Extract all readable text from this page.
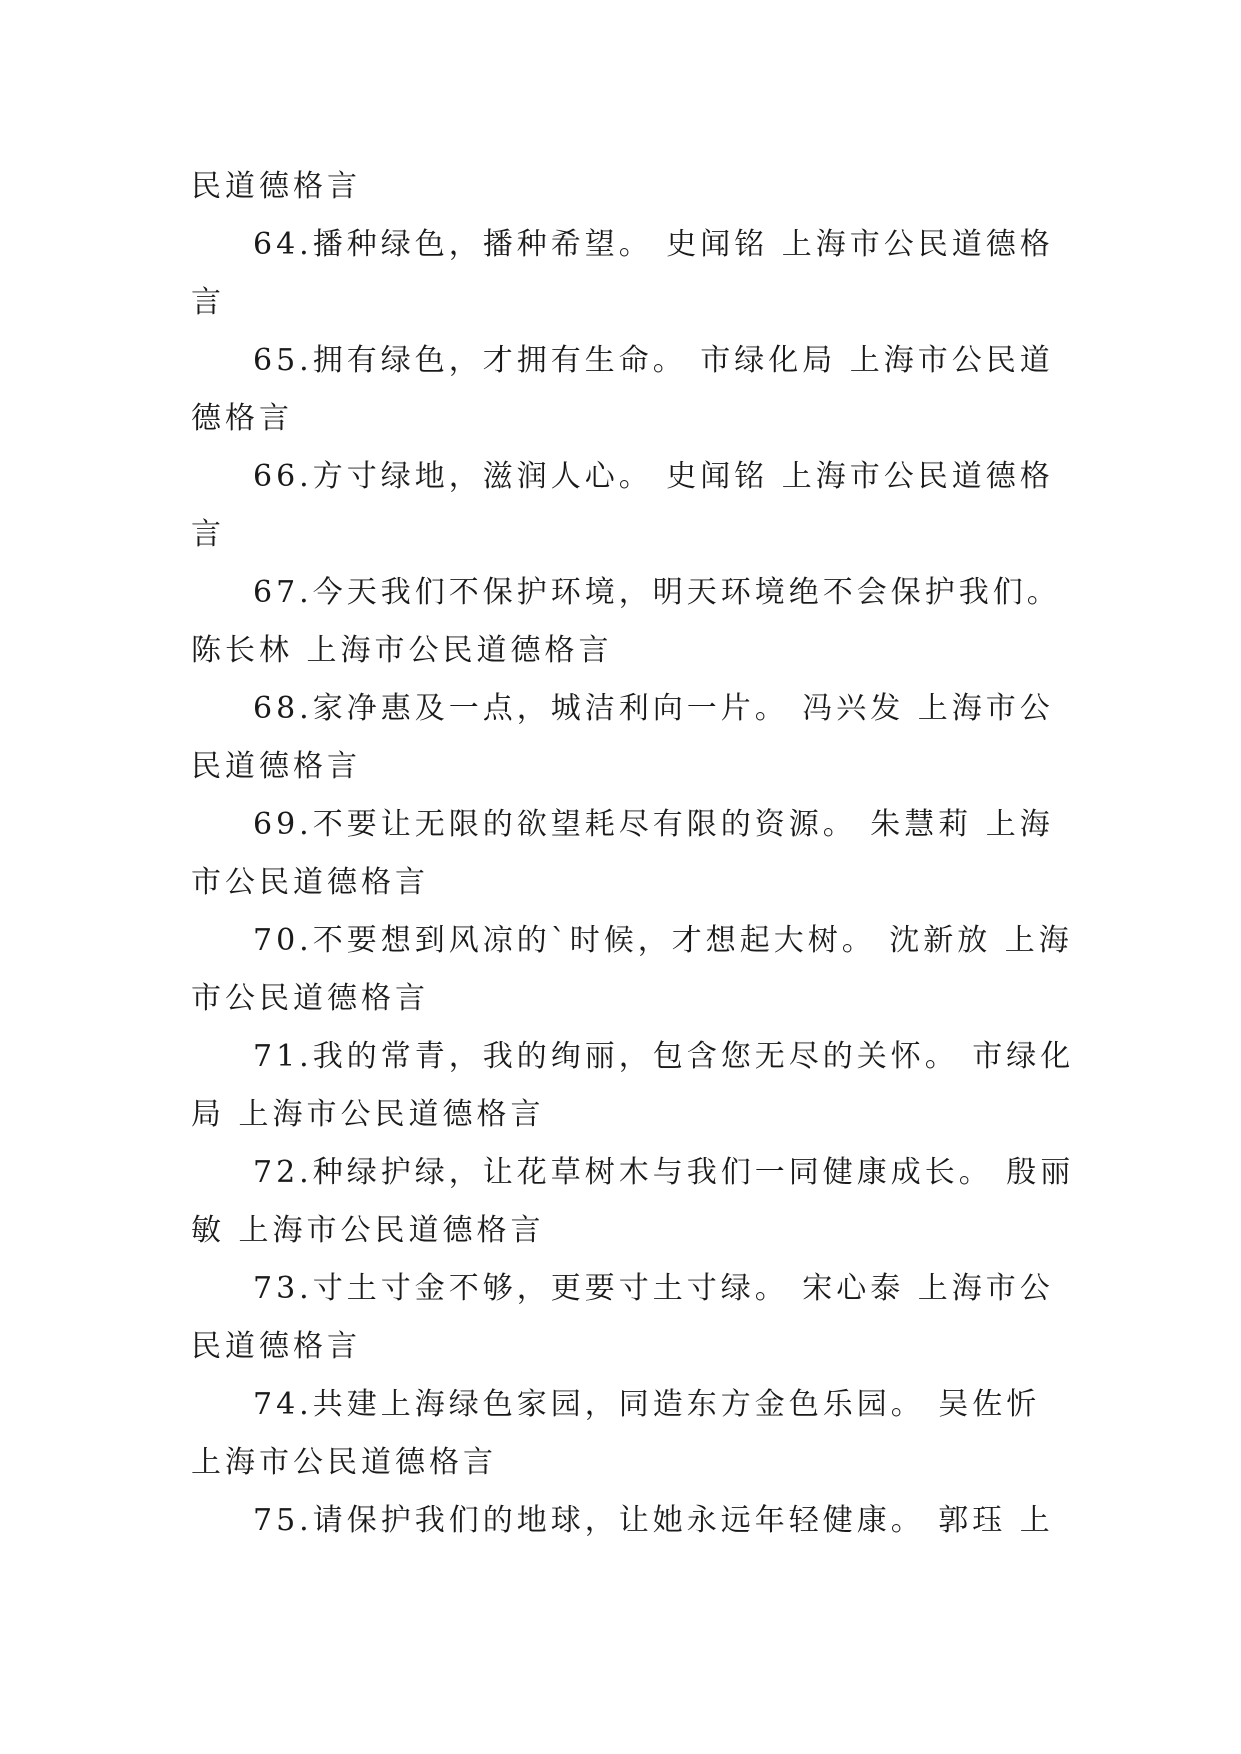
民道德格言
64.播种绿色，播种希望。 史闻铭 上海市公民道德格
言
65.拥有绿色，才拥有生命。 市绿化局 上海市公民道
德格言
66.方寸绿地，滋润人心。 史闻铭 上海市公民道德格
言
67.今天我们不保护环境，明天环境绝不会保护我们。
陈长林 上海市公民道德格言
68.家净惠及一点，城洁利向一片。 冯兴发 上海市公
民道德格言
69.不要让无限的欲望耗尽有限的资源。 朱慧莉 上海
市公民道德格言
70.不要想到风凉的`时候，才想起大树。 沈新放 上海
市公民道德格言
71.我的常青，我的绚丽，包含您无尽的关怀。 市绿化
局 上海市公民道德格言
72.种绿护绿，让花草树木与我们一同健康成长。 殷丽
敏 上海市公民道德格言
73.寸土寸金不够，更要寸土寸绿。 宋心泰 上海市公
民道德格言
74.共建上海绿色家园，同造东方金色乐园。 吴佐忻
上海市公民道德格言
75.请保护我们的地球，让她永远年轻健康。 郭珏 上
